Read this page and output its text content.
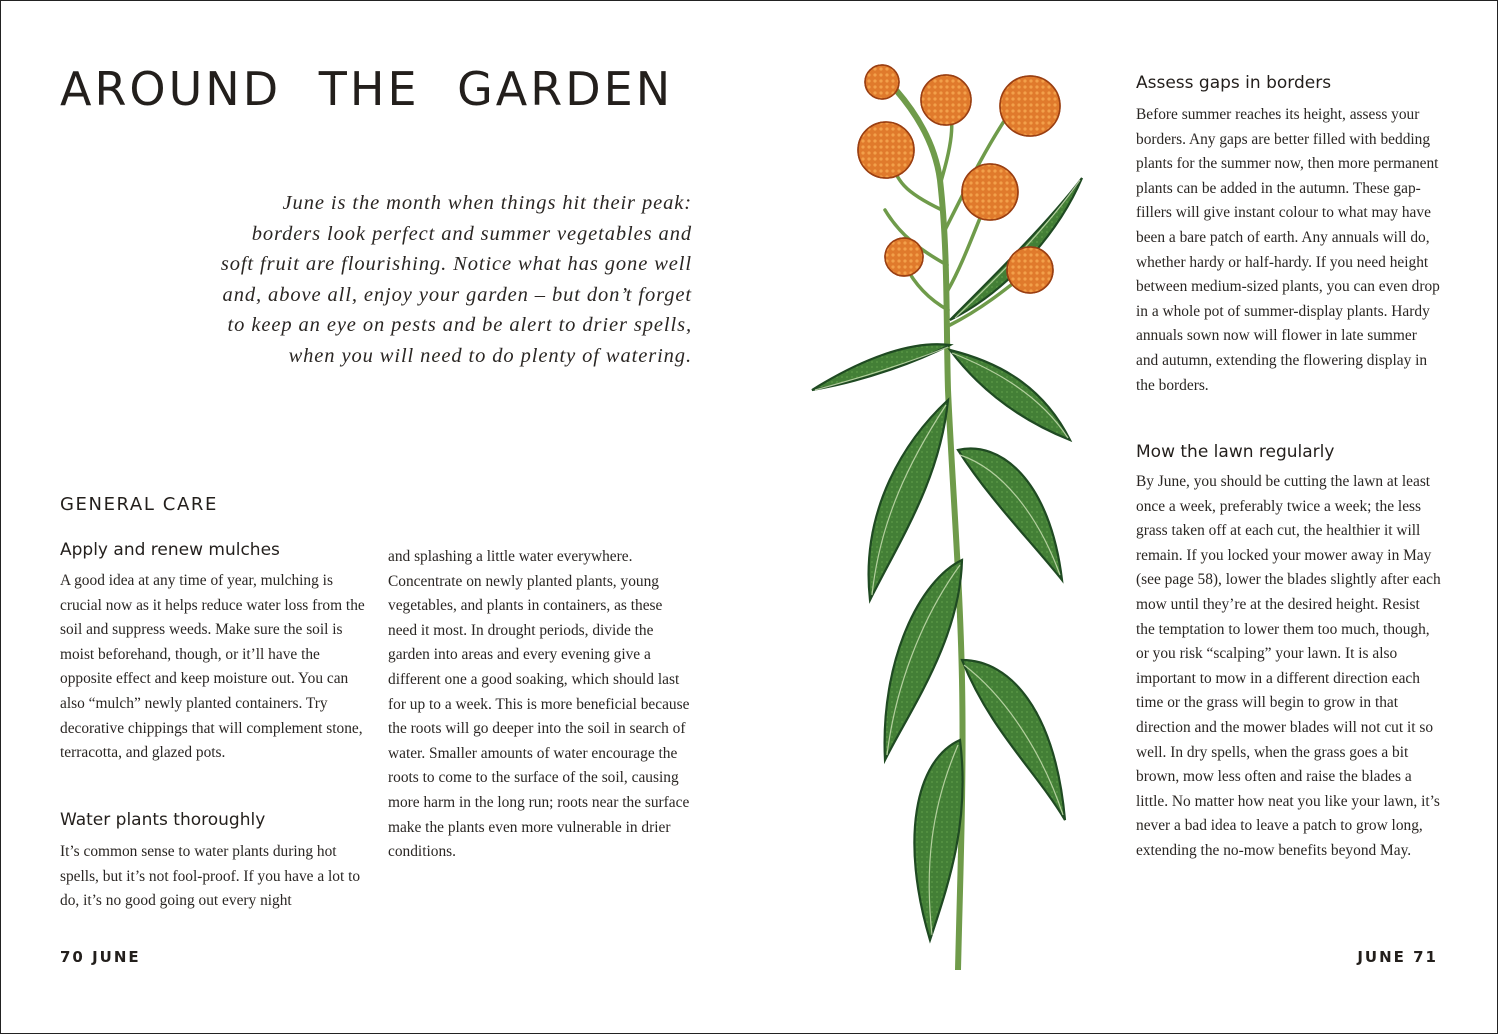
AROUND THE GARDEN

June is the month when things hit their peak: borders look perfect and summer vegetables and soft fruit are flourishing. Notice what has gone well and, above all, enjoy your garden – but don’t forget to keep an eye on pests and be alert to drier spells, when you will need to do plenty of watering.

GENERAL CARE
Apply and renew mulches

A good idea at any time of year, mulching is crucial now as it helps reduce water loss from the soil and suppress weeds. Make sure the soil is moist beforehand, though, or it’ll have the opposite effect and keep moisture out. You can also “mulch” newly planted containers. Try decorative chippings that will complement stone, terracotta, and glazed pots.

Water plants thoroughly

It’s common sense to water plants during hot spells, but it’s not fool-proof. If you have a lot to do, it’s no good going out every night

and splashing a little water everywhere. Concentrate on newly planted plants, young vegetables, and plants in containers, as these need it most. In drought periods, divide the garden into areas and every evening give a different one a good soaking, which should last for up to a week. This is more beneficial because the roots will go deeper into the soil in search of water. Smaller amounts of water encourage the roots to come to the surface of the soil, causing more harm in the long run; roots near the surface make the plants even more vulnerable in drier conditions.

70 JUNE

Assess gaps in borders

Before summer reaches its height, assess your borders. Any gaps are better filled with bedding plants for the summer now, then more permanent plants can be added in the autumn. These gap-fillers will give instant colour to what may have been a bare patch of earth. Any annuals will do, whether hardy or half-hardy. If you need height between medium-sized plants, you can even drop in a whole pot of summer-display plants. Hardy annuals sown now will flower in late summer and autumn, extending the flowering display in the borders.

Mow the lawn regularly

By June, you should be cutting the lawn at least once a week, preferably twice a week; the less grass taken off at each cut, the healthier it will remain. If you locked your mower away in May (see page 58), lower the blades slightly after each mow until they’re at the desired height. Resist the temptation to lower them too much, though, or you risk “scalping” your lawn. It is also important to mow in a different direction each time or the grass will begin to grow in that direction and the mower blades will not cut it so well. In dry spells, when the grass goes a bit brown, mow less often and raise the blades a little. No matter how neat you like your lawn, it’s never a bad idea to leave a patch to grow long, extending the no-mow benefits beyond May.

JUNE 71
